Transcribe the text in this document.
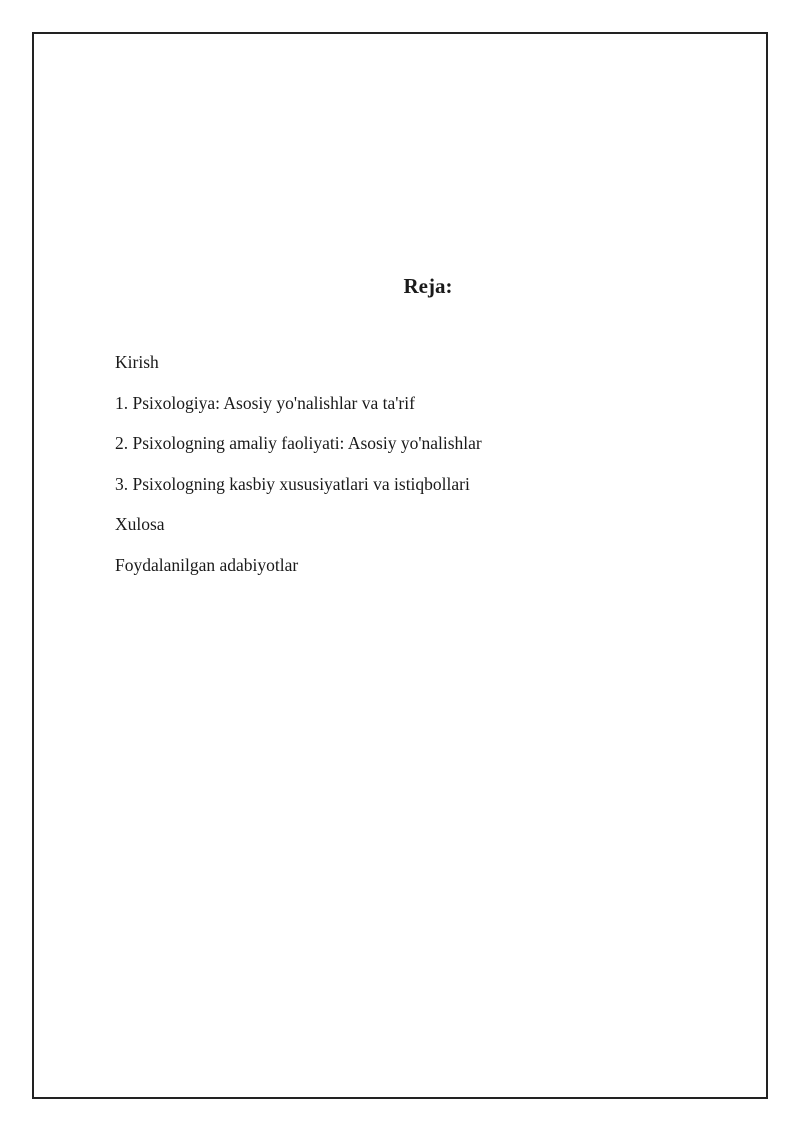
Reja:
Kirish
1. Psixologiya: Asosiy yo'nalishlar va ta'rif
2. Psixologning amaliy faoliyati: Asosiy yo'nalishlar
3. Psixologning kasbiy xususiyatlari va istiqbollari
Xulosa
Foydalanilgan adabiyotlar
